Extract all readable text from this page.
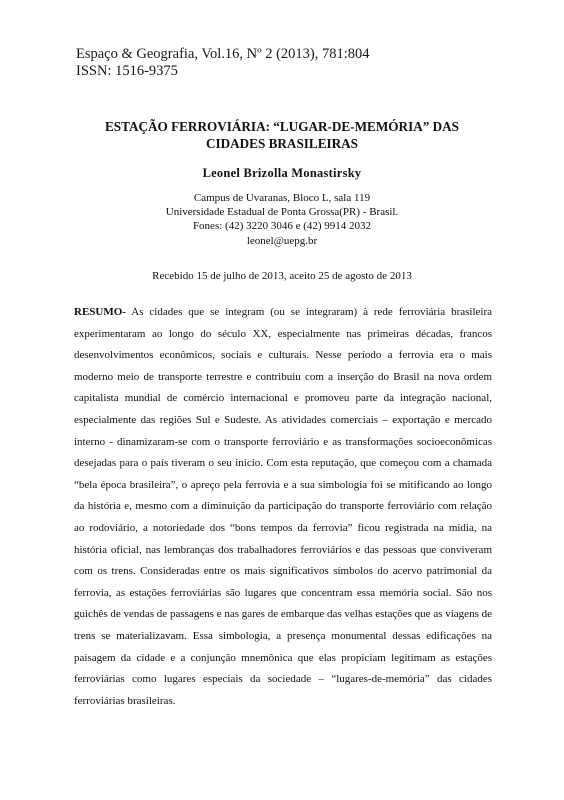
Espaço & Geografia, Vol.16, Nº 2 (2013), 781:804
ISSN: 1516-9375
ESTAÇÃO FERROVIÁRIA: “LUGAR-DE-MEMÓRIA” DAS
CIDADES BRASILEIRAS
Leonel Brizolla Monastirsky
Campus de Uvaranas, Bloco L, sala 119
Universidade Estadual de Ponta Grossa(PR) - Brasil.
Fones: (42) 3220 3046 e (42) 9914 2032
leonel@uepg.br
Recebido 15 de julho de 2013, aceito 25 de agosto de 2013

RESUMO- As cidades que se integram (ou se integraram) à rede ferroviária brasileira experimentaram ao longo do século XX, especialmente nas primeiras décadas, francos desenvolvimentos econômicos, sociais e culturais. Nesse período a ferrovia era o mais moderno meio de transporte terrestre e contribuiu com a inserção do Brasil na nova ordem capitalista mundial de comércio internacional e promoveu parte da integração nacional, especialmente das regiões Sul e Sudeste. As atividades comerciais – exportação e mercado interno - dinamizaram-se com o transporte ferroviário e as transformações socioeconômicas desejadas para o país tiveram o seu início. Com esta reputação, que começou com a chamada “bela época brasileira”, o apreço pela ferrovia e a sua simbologia foi se mitificando ao longo da história e, mesmo com a diminuição da participação do transporte ferroviário com relação ao rodoviário, a notoriedade dos “bons tempos da ferrovia” ficou registrada na mídia, na história oficial, nas lembranças dos trabalhadores ferroviários e das pessoas que conviveram com os trens. Consideradas entre os mais significativos símbolos do acervo patrimonial da ferrovia, as estações ferroviárias são lugares que concentram essa memória social. São nos guichês de vendas de passagens e nas gares de embarque das velhas estações que as viagens de trens se materializavam. Essa simbologia, a presença monumental dessas edificações na paisagem da cidade e a conjunção mnemônica que elas propiciam legitimam as estações ferroviárias como lugares especiais da sociedade – “lugares-de-memória” das cidades ferroviárias brasileiras.
